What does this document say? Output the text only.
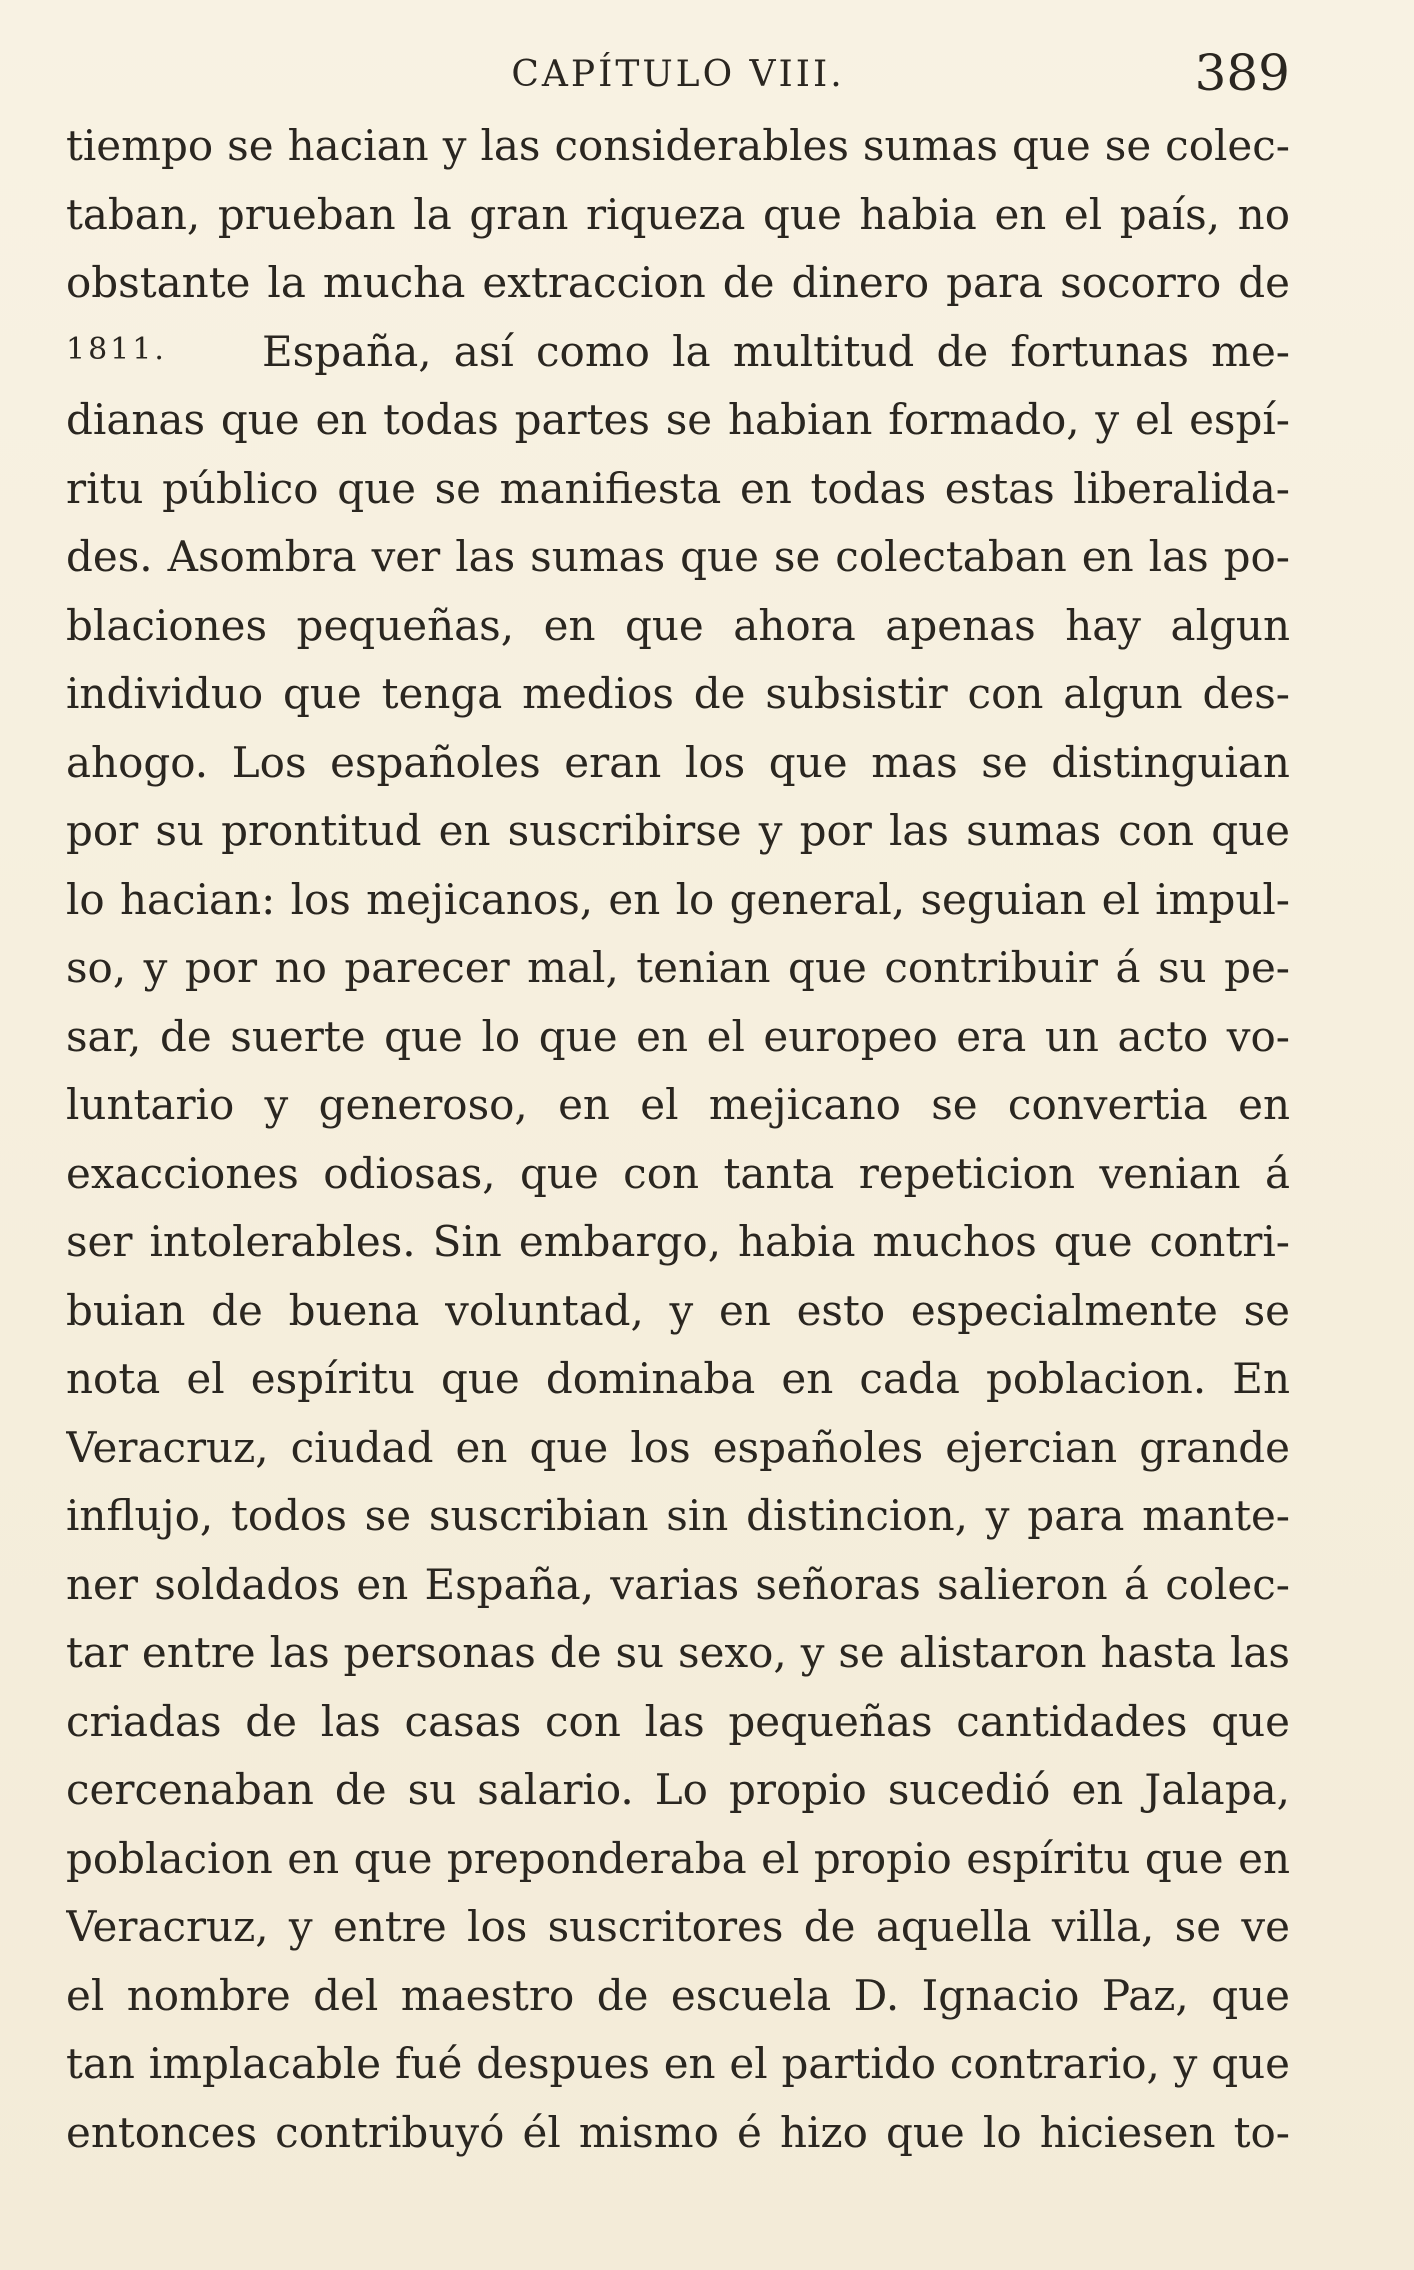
CAPÍTULO VIII.	389
1811.
tiempo se hacian y las considerables sumas que se colec-
taban, prueban la gran riqueza que habia en el país, no
obstante la mucha extraccion de dinero para socorro de
España, así como la multitud de fortunas me-
dianas que en todas partes se habian formado, y el espí-
ritu público que se manifiesta en todas estas liberalida-
des. Asombra ver las sumas que se colectaban en las po-
blaciones pequeñas, en que ahora apenas hay algun
individuo que tenga medios de subsistir con algun des-
ahogo. Los españoles eran los que mas se distinguian
por su prontitud en suscribirse y por las sumas con que
lo hacian: los mejicanos, en lo general, seguian el impul-
so, y por no parecer mal, tenian que contribuir á su pe-
sar, de suerte que lo que en el europeo era un acto vo-
luntario y generoso, en el mejicano se convertia en
exacciones odiosas, que con tanta repeticion venian á
ser intolerables. Sin embargo, habia muchos que contri-
buian de buena voluntad, y en esto especialmente se
nota el espíritu que dominaba en cada poblacion. En
Veracruz, ciudad en que los españoles ejercian grande
influjo, todos se suscribian sin distincion, y para mante-
ner soldados en España, varias señoras salieron á colec-
tar entre las personas de su sexo, y se alistaron hasta las
criadas de las casas con las pequeñas cantidades que
cercenaban de su salario. Lo propio sucedió en Jalapa,
poblacion en que preponderaba el propio espíritu que en
Veracruz, y entre los suscritores de aquella villa, se ve
el nombre del maestro de escuela D. Ignacio Paz, que
tan implacable fué despues en el partido contrario, y que
entonces contribuyó él mismo é hizo que lo hiciesen to-
